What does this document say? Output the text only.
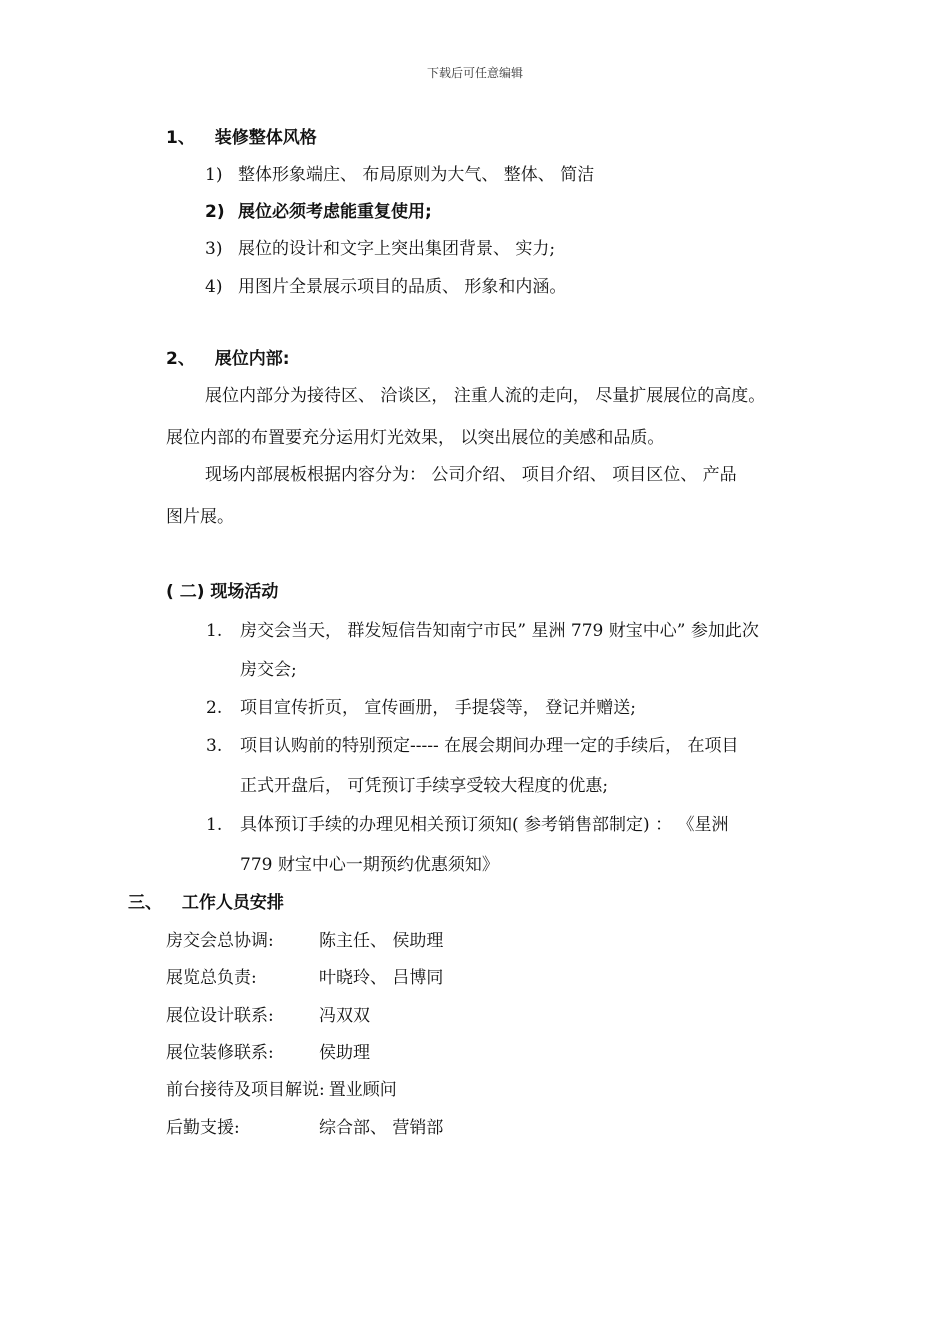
下载后可任意编辑
1、 装修整体风格
1) 整体形象端庄、 布局原则为大气、 整体、 简洁
2) 展位必须考虑能重复使用;
3) 展位的设计和文字上突出集团背景、 实力;
4) 用图片全景展示项目的品质、 形象和内涵。
2、 展位内部:
展位内部分为接待区、 洽谈区， 注重人流的走向， 尽量扩展展位的高度。
展位内部的布置要充分运用灯光效果， 以突出展位的美感和品质。
现场内部展板根据内容分为： 公司介绍、 项目介绍、 项目区位、 产品
图片展。
( 二) 现场活动
1. 房交会当天， 群发短信告知南宁市民” 星洲 779 财宝中心” 参加此次
房交会;
2. 项目宣传折页， 宣传画册， 手提袋等， 登记并赠送;
3. 项目认购前的特别预定----- 在展会期间办理一定的手续后， 在项目
正式开盘后， 可凭预订手续享受较大程度的优惠;
1. 具体预订手续的办理见相关预订须知( 参考销售部制定) ： 《星洲
779 财宝中心一期预约优惠须知》
三、 工作人员安排
房交会总协调:	陈主任、 侯助理
展览总负责:	叶晓玲、 吕博同
展位设计联系:	冯双双
展位装修联系:	侯助理
前台接待及项目解说: 置业顾问
后勤支援:	综合部、 营销部
